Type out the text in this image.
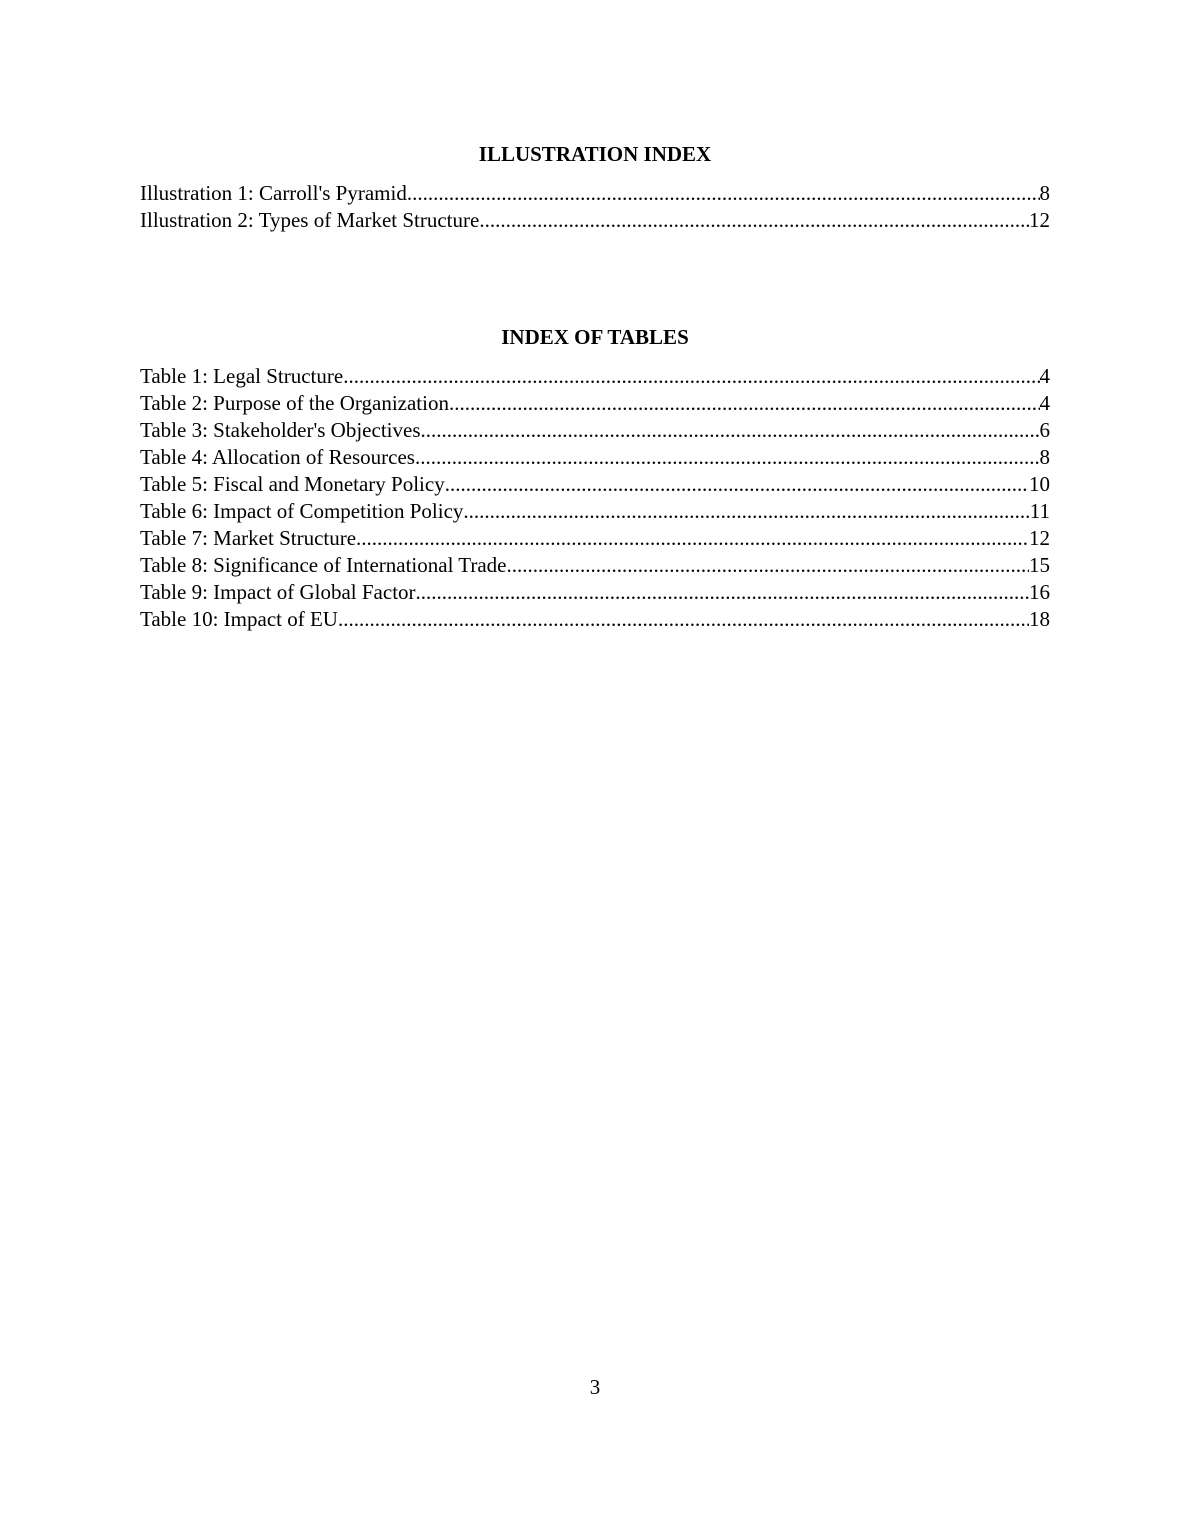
ILLUSTRATION INDEX
Illustration 1: Carroll's Pyramid .....	8
Illustration 2: Types of Market Structure .....	12
INDEX OF TABLES
Table 1: Legal Structure .....	4
Table 2: Purpose of the Organization .....	4
Table 3: Stakeholder's Objectives .....	6
Table 4: Allocation of Resources .....	8
Table 5: Fiscal and Monetary Policy .....	10
Table 6: Impact of Competition Policy .....	11
Table 7: Market Structure .....	12
Table 8: Significance of International Trade .....	15
Table 9: Impact of Global Factor .....	16
Table 10: Impact of EU .....	18
3
